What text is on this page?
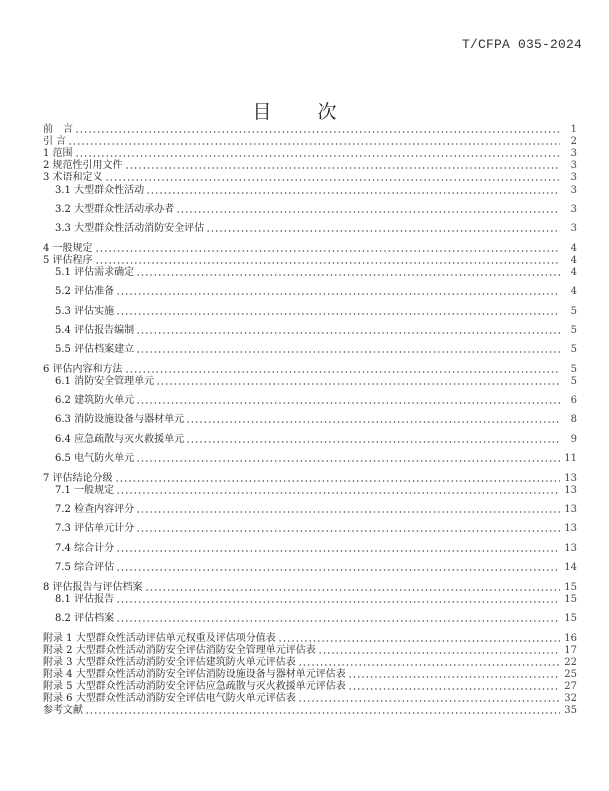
T/CFPA 035-2024
目 次
前　言	1
引 言	2
1 范围	3
2 规范性引用文件	3
3 术语和定义	3
3.1 大型群众性活动	3
3.2 大型群众性活动承办者	3
3.3 大型群众性活动消防安全评估	3
4 一般规定	4
5 评估程序	4
5.1 评估需求确定	4
5.2 评估准备	4
5.3 评估实施	5
5.4 评估报告编制	5
5.5 评估档案建立	5
6 评估内容和方法	5
6.1 消防安全管理单元	5
6.2 建筑防火单元	6
6.3 消防设施设备与器材单元	8
6.4 应急疏散与灭火救援单元	9
6.5 电气防火单元	11
7 评估结论分级	13
7.1 一般规定	13
7.2 检查内容评分	13
7.3 评估单元计分	13
7.4 综合计分	13
7.5 综合评估	14
8 评估报告与评估档案	15
8.1 评估报告	15
8.2 评估档案	15
附录 1 大型群众性活动评估单元权重及评估项分值表	16
附录 2 大型群众性活动消防安全评估消防安全管理单元评估表	17
附录 3 大型群众性活动消防安全评估建筑防火单元评估表	22
附录 4 大型群众性活动消防安全评估消防设施设备与器材单元评估表	25
附录 5 大型群众性活动消防安全评估应急疏散与灭火救援单元评估表	27
附录 6 大型群众性活动消防安全评估电气防火单元评估表	32
参考文献	35
